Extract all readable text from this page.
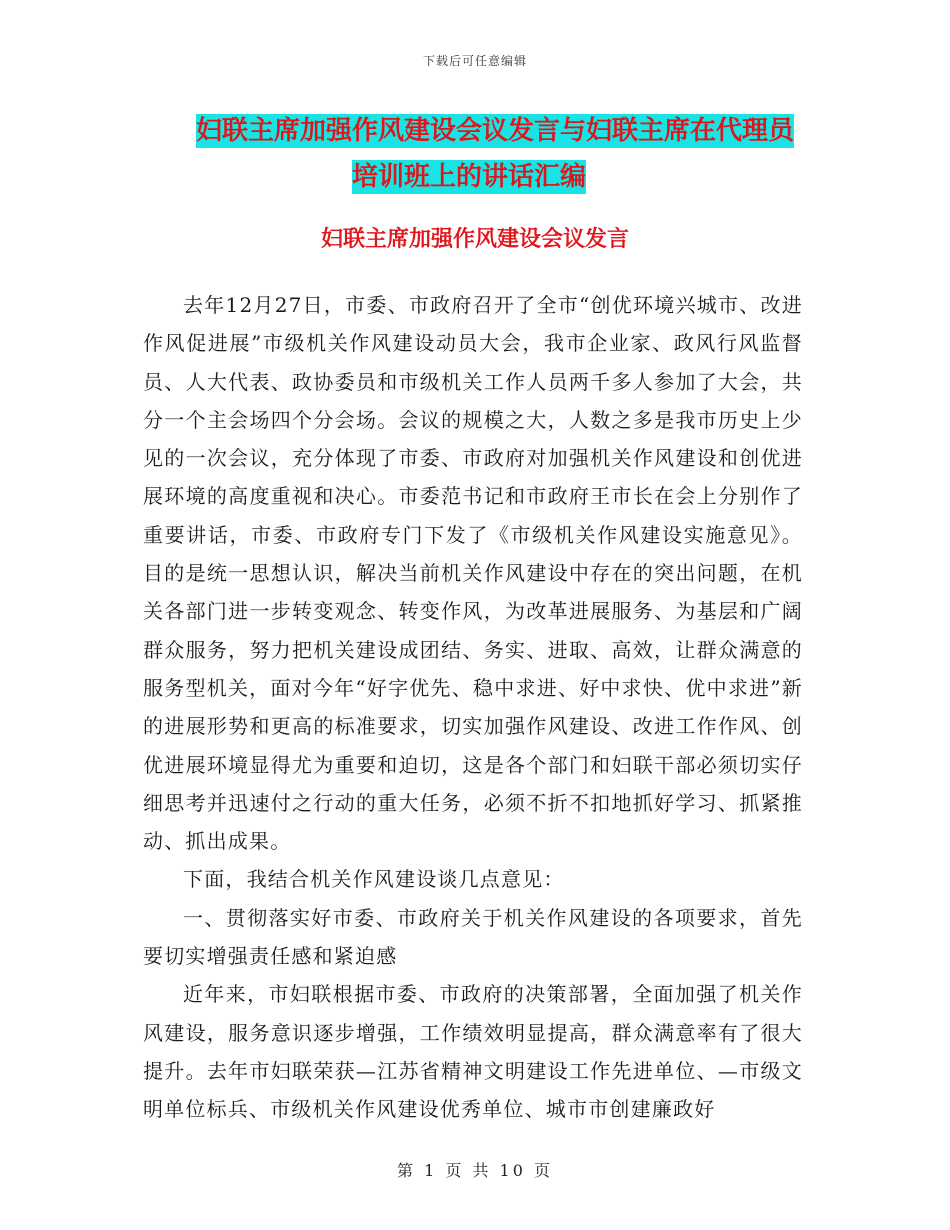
下载后可任意编辑
妇联主席加强作风建设会议发言与妇联主席在代理员
培训班上的讲话汇编
妇联主席加强作风建设会议发言

去年12月27日，市委、市政府召开了全市“创优环境兴城市、改进作风促进展”市级机关作风建设动员大会，我市企业家、政风行风监督员、人大代表、政协委员和市级机关工作人员两千多人参加了大会，共分一个主会场四个分会场。会议的规模之大，人数之多是我市历史上少见的一次会议，充分体现了市委、市政府对加强机关作风建设和创优进展环境的高度重视和决心。市委范书记和市政府王市长在会上分别作了重要讲话，市委、市政府专门下发了《市级机关作风建设实施意见》。目的是统一思想认识，解决当前机关作风建设中存在的突出问题，在机关各部门进一步转变观念、转变作风，为改革进展服务、为基层和广阔群众服务，努力把机关建设成团结、务实、进取、高效，让群众满意的服务型机关，面对今年“好字优先、稳中求进、好中求快、优中求进”新的进展形势和更高的标准要求，切实加强作风建设、改进工作作风、创优进展环境显得尤为重要和迫切，这是各个部门和妇联干部必须切实仔细思考并迅速付之行动的重大任务，必须不折不扣地抓好学习、抓紧推动、抓出成果。

下面，我结合机关作风建设谈几点意见：

一、贯彻落实好市委、市政府关于机关作风建设的各项要求，首先要切实增强责任感和紧迫感

近年来，市妇联根据市委、市政府的决策部署，全面加强了机关作风建设，服务意识逐步增强，工作绩效明显提高，群众满意率有了很大提升。去年市妇联荣获—江苏省精神文明建设工作先进单位、—市级文明单位标兵、市级机关作风建设优秀单位、城市市创建廉政好

第 1 页 共 10 页
